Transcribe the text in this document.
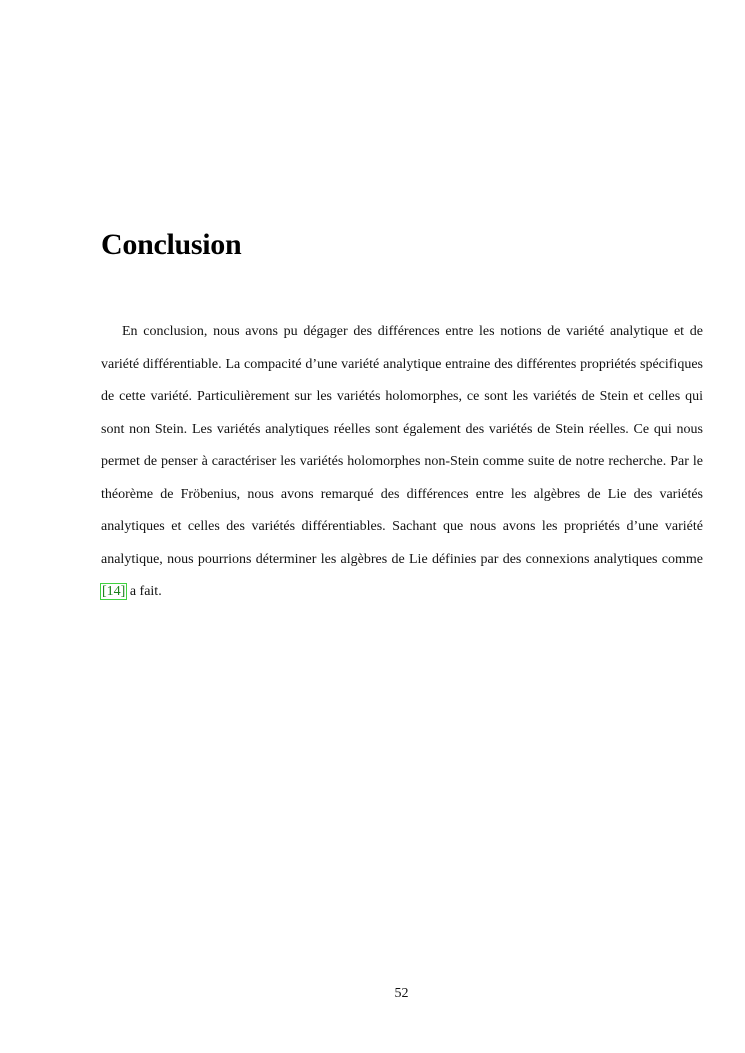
Conclusion

En conclusion, nous avons pu dégager des différences entre les notions de variété analytique et de variété différentiable. La compacité d’une variété analytique entraine des différentes propriétés spécifiques de cette variété. Particulièrement sur les variétés holomorphes, ce sont les variétés de Stein et celles qui sont non Stein. Les variétés analytiques réelles sont également des variétés de Stein réelles. Ce qui nous permet de penser à caractériser les variétés holomorphes non-Stein comme suite de notre recherche. Par le théorème de Fröbenius, nous avons remarqué des différences entre les algèbres de Lie des variétés analytiques et celles des variétés différentiables. Sachant que nous avons les propriétés d’une variété analytique, nous pourrions déterminer les algèbres de Lie définies par des connexions analytiques comme [14] a fait.

52
